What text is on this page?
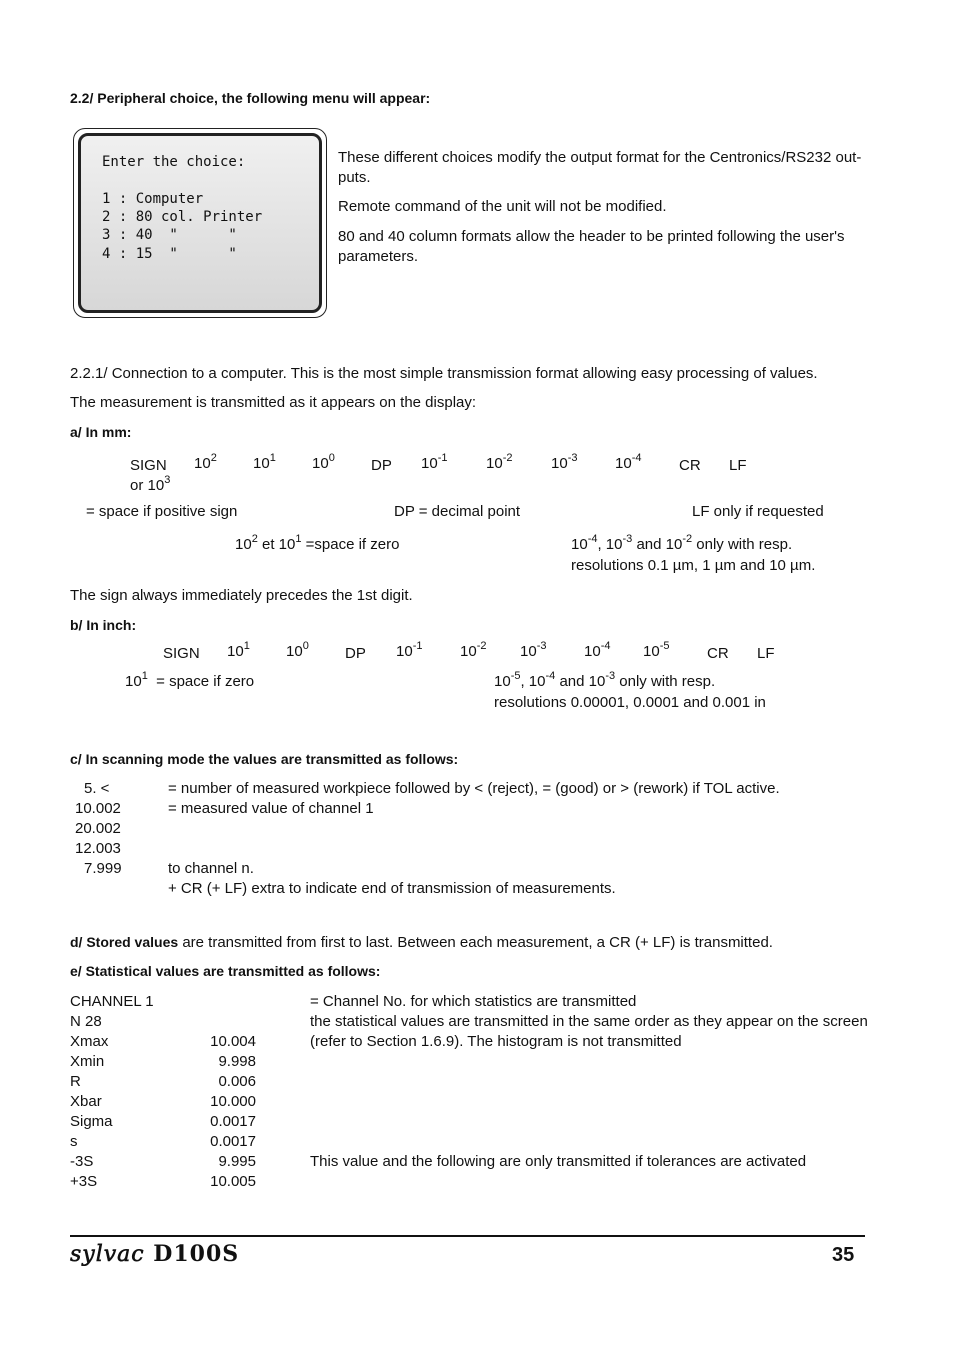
2.2/ Peripheral choice, the following menu will appear:
Enter the choice:
1 : Computer
2 : 80 col. Printer
3 : 40  "      "
4 : 15  "      "
These different choices modify the output format for the Centronics/RS232 out-puts.
Remote command of the unit will not be modified.
80 and 40 column formats allow the header to be printed following the user's parameters.
2.2.1/ Connection to a computer. This is the most simple transmission format allowing easy processing of values.
The measurement is transmitted as it appears on the display:
a/ In mm:
SIGN
or $10^3$
$10^2$ $10^1$ $10^0$ DP $10^{-1}$	$10^{-2}$	$10^{-3}$	$10^{-4}$	CR LF
= space if positive sign	DP = decimal point	LF only if requested
$10^2$ et $10^1$ =space if zero	$10^{-4}$, $10^{-3}$ and $10^{-2}$ only with resp.
resolutions 0.1 µm, 1 µm and 10 µm.
The sign always immediately precedes the 1st digit.
b/ In inch:
SIGN $10^1$ $10^0$ DP $10^{-1}$	$10^{-2}$ $10^{-3}$	$10^{-4}$ $10^{-5}$	CR LF
$10^1$ = space if zero	$10^{-5}$, $10^{-4}$ and $10^{-3}$ only with resp.
resolutions 0.00001, 0.0001 and 0.001 in
c/ In scanning mode the values are transmitted as follows:
5. <	= number of measured workpiece followed by < (reject), = (good) or > (rework) if TOL active.
10.002	= measured value of channel 1
20.002
12.003
7.999	to channel n.
+ CR (+ LF) extra to indicate end of transmission of measurements.
d/ Stored values are transmitted from first to last. Between each measurement, a CR (+ LF) is transmitted.
e/ Statistical values are transmitted as follows:
CHANNEL 1
N 28
Xmax	10.004
Xmin	9.998
R	0.006
Xbar	10.000
Sigma	0.0017
s	0.0017
-3S	9.995
+3S	10.005
= Channel No. for which statistics are transmitted
the statistical values are transmitted in the same order as they appear on the screen
(refer to Section 1.6.9). The histogram is not transmitted
This value and the following are only transmitted if tolerances are activated
sylvac D100S	35
